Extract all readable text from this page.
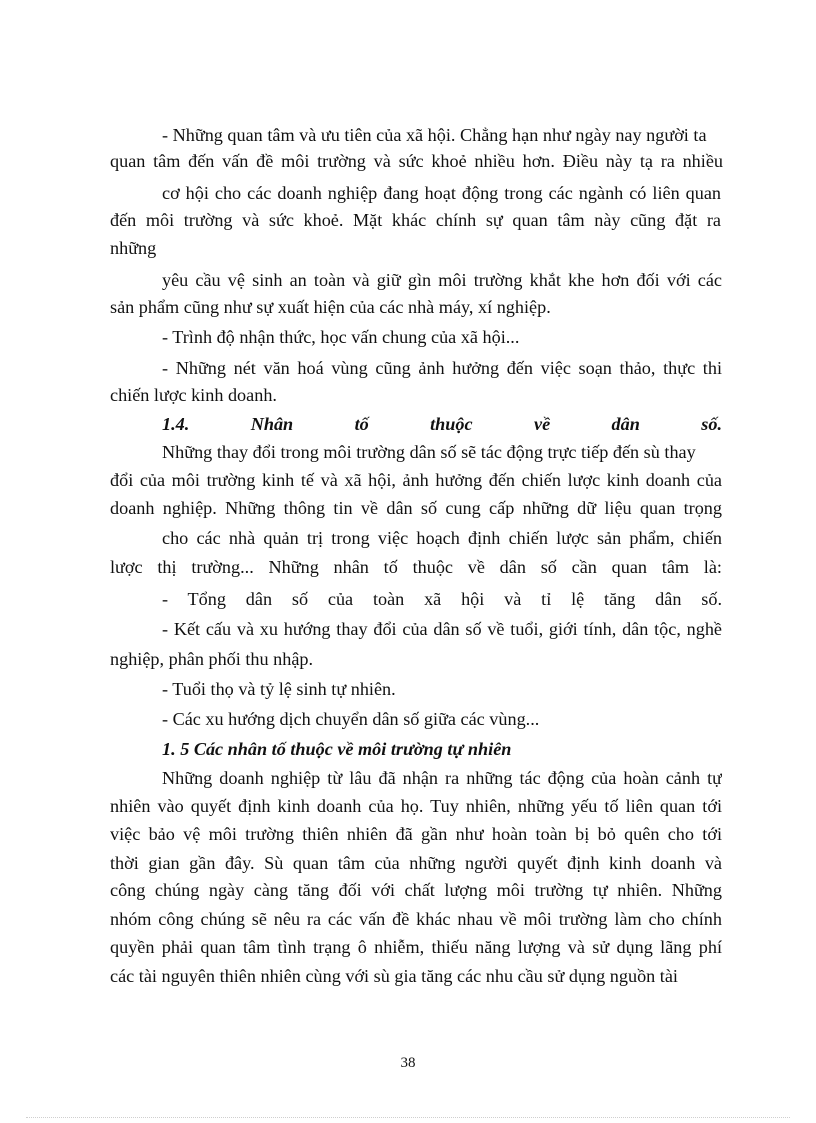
- Những quan tâm và ưu tiên của xã hội. Chẳng hạn như ngày nay người ta

quan tâm đến vấn đề môi trường và sức khoẻ nhiều hơn. Điều này tạ ra nhiều

cơ hội cho các doanh nghiệp đang hoạt động trong các ngành có liên quan

đến môi trường và sức khoẻ. Mặt khác chính sự quan tâm này cũng đặt ra

những

yêu cầu vệ sinh an toàn và giữ gìn môi trường khắt khe hơn đối với các

sản phẩm cũng như sự xuất hiện của các nhà máy, xí nghiệp.

- Trình độ nhận thức, học vấn chung của xã hội...

- Những nét văn hoá vùng cũng ảnh hưởng đến việc soạn thảo, thực thi

chiến lược kinh doanh.

1.4. Nhân tố thuộc về dân số.

Những thay đổi trong môi trường dân số sẽ tác động trực tiếp đến sù thay

đổi của môi trường kinh tế và xã hội, ảnh hưởng đến chiến lược kinh doanh của

doanh nghiệp. Những thông tin về dân số cung cấp những dữ liệu quan trọng

cho các nhà quản trị trong việc hoạch định chiến lược sản phẩm, chiến

lược thị trường... Những nhân tố thuộc về dân số cần quan tâm là:

- Tổng dân số của toàn xã hội và tỉ lệ tăng dân số.

- Kết cấu và xu hướng thay đổi của dân số về tuổi, giới tính, dân tộc, nghề

nghiệp, phân phối thu nhập.

- Tuổi thọ và tỷ lệ sinh tự nhiên.

- Các xu hướng dịch chuyển dân số giữa các vùng...

1. 5 Các nhân tố thuộc về môi trường tự nhiên

Những doanh nghiệp từ lâu đã nhận ra những tác động của hoàn cảnh tự

nhiên vào quyết định kinh doanh của họ. Tuy nhiên, những yếu tố liên quan tới

việc bảo vệ môi trường thiên nhiên đã gần như hoàn toàn bị bỏ quên cho tới

thời gian gần đây. Sù quan tâm của những người quyết định kinh doanh và

công chúng ngày càng tăng đối với chất lượng môi trường tự nhiên. Những

nhóm công chúng sẽ nêu ra các vấn đề khác nhau về môi trường làm cho chính

quyền phải quan tâm tình trạng ô nhiễm, thiếu năng lượng và sử dụng lãng phí

các tài nguyên thiên nhiên cùng với sù gia tăng các nhu cầu sử dụng nguồn tài

38
